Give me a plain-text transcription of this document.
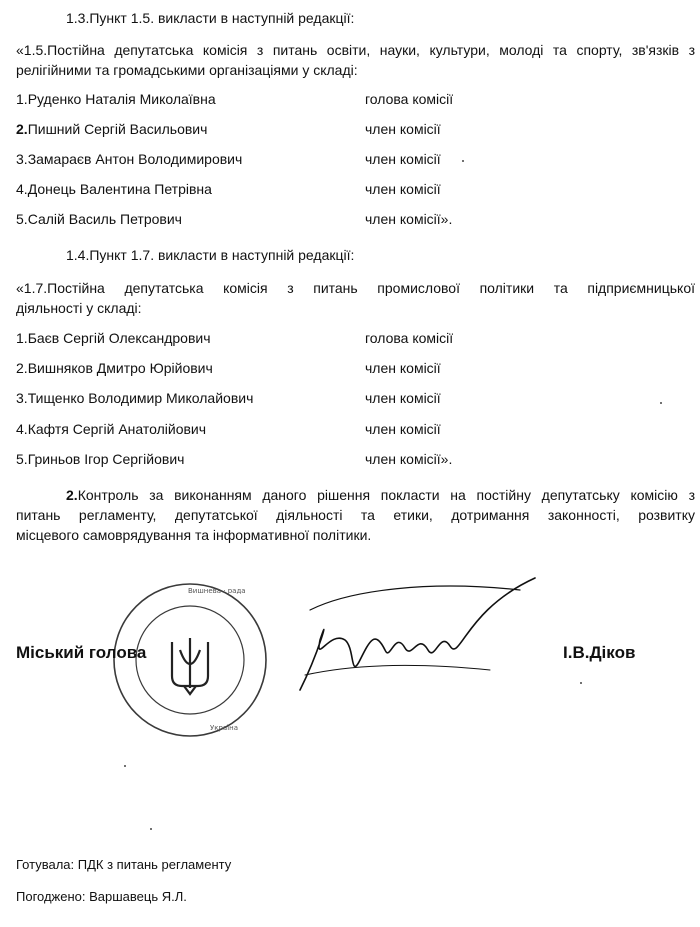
1.3.Пункт 1.5. викласти в наступній редакції:
«1.5.Постійна депутатська комісія з питань освіти, науки, культури, молоді та спорту, зв'язків з
релігійними та громадськими організаціями у складі:
1.Руденко Наталія Миколаївна	голова комісії
2.Пишний Сергій Васильович	член комісії
3.Замараєв Антон Володимирович	член комісії
4.Донець Валентина Петрівна	член комісії
5.Салій Василь Петрович	член комісії».
1.4.Пункт 1.7. викласти в наступній редакції:
«1.7.Постійна депутатська комісія з питань промислової політики та підприємницької
діяльності у складі:
1.Баєв Сергій Олександрович	голова комісії
2.Вишняков Дмитро Юрійович	член комісії
3.Тищенко Володимир Миколайович	член комісії
4.Кафтя Сергій Анатолійович	член комісії
5.Гриньов Ігор Сергійович	член комісії».
2.Контроль за виконанням даного рішення покласти на постійну депутатську комісію з
питань регламенту, депутатської діяльності та етики, дотримання законності, розвитку
місцевого самоврядування та інформативної політики.
Вишнева · рада
Україна
Міський голова	І.В.Діков
Готувала: ПДК з питань регламенту
Погоджено: Варшавець Я.Л.
